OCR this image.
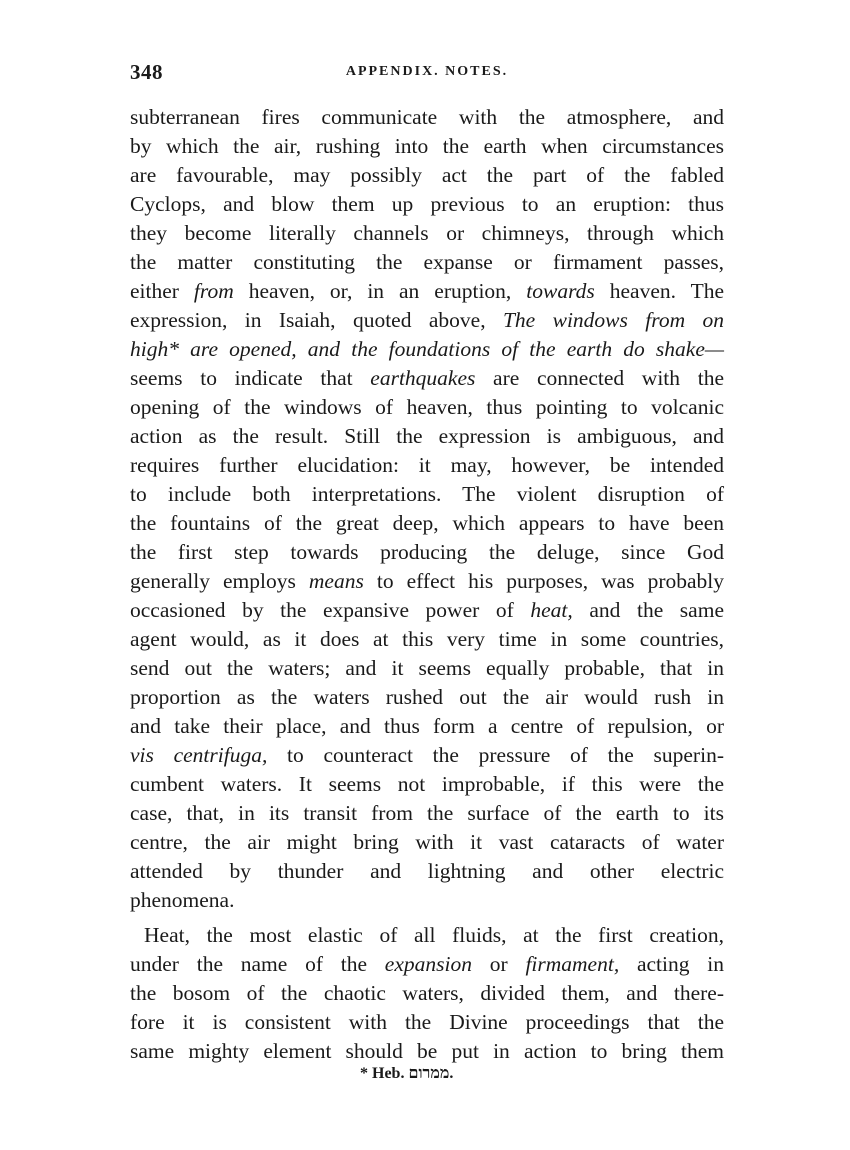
348	APPENDIX. NOTES.
subterranean fires communicate with the atmosphere, and
by which the air, rushing into the earth when circumstances
are favourable, may possibly act the part of the fabled
Cyclops, and blow them up previous to an eruption: thus
they become literally channels or chimneys, through which
the matter constituting the expanse or firmament passes,
either from heaven, or, in an eruption, towards heaven. The
expression, in Isaiah, quoted above, The windows from on
high* are opened, and the foundations of the earth do shake—
seems to indicate that earthquakes are connected with the
opening of the windows of heaven, thus pointing to volcanic
action as the result. Still the expression is ambiguous, and
requires further elucidation: it may, however, be intended
to include both interpretations. The violent disruption of
the fountains of the great deep, which appears to have been
the first step towards producing the deluge, since God
generally employs means to effect his purposes, was probably
occasioned by the expansive power of heat, and the same
agent would, as it does at this very time in some countries,
send out the waters; and it seems equally probable, that in
proportion as the waters rushed out the air would rush in
and take their place, and thus form a centre of repulsion, or
vis centrifuga, to counteract the pressure of the superin-
cumbent waters. It seems not improbable, if this were the
case, that, in its transit from the surface of the earth to its
centre, the air might bring with it vast cataracts of water
attended by thunder and lightning and other electric
phenomena.
Heat, the most elastic of all fluids, at the first creation,
under the name of the expansion or firmament, acting in
the bosom of the chaotic waters, divided them, and there-
fore it is consistent with the Divine proceedings that the
same mighty element should be put in action to bring them
* Heb. ממרום.
